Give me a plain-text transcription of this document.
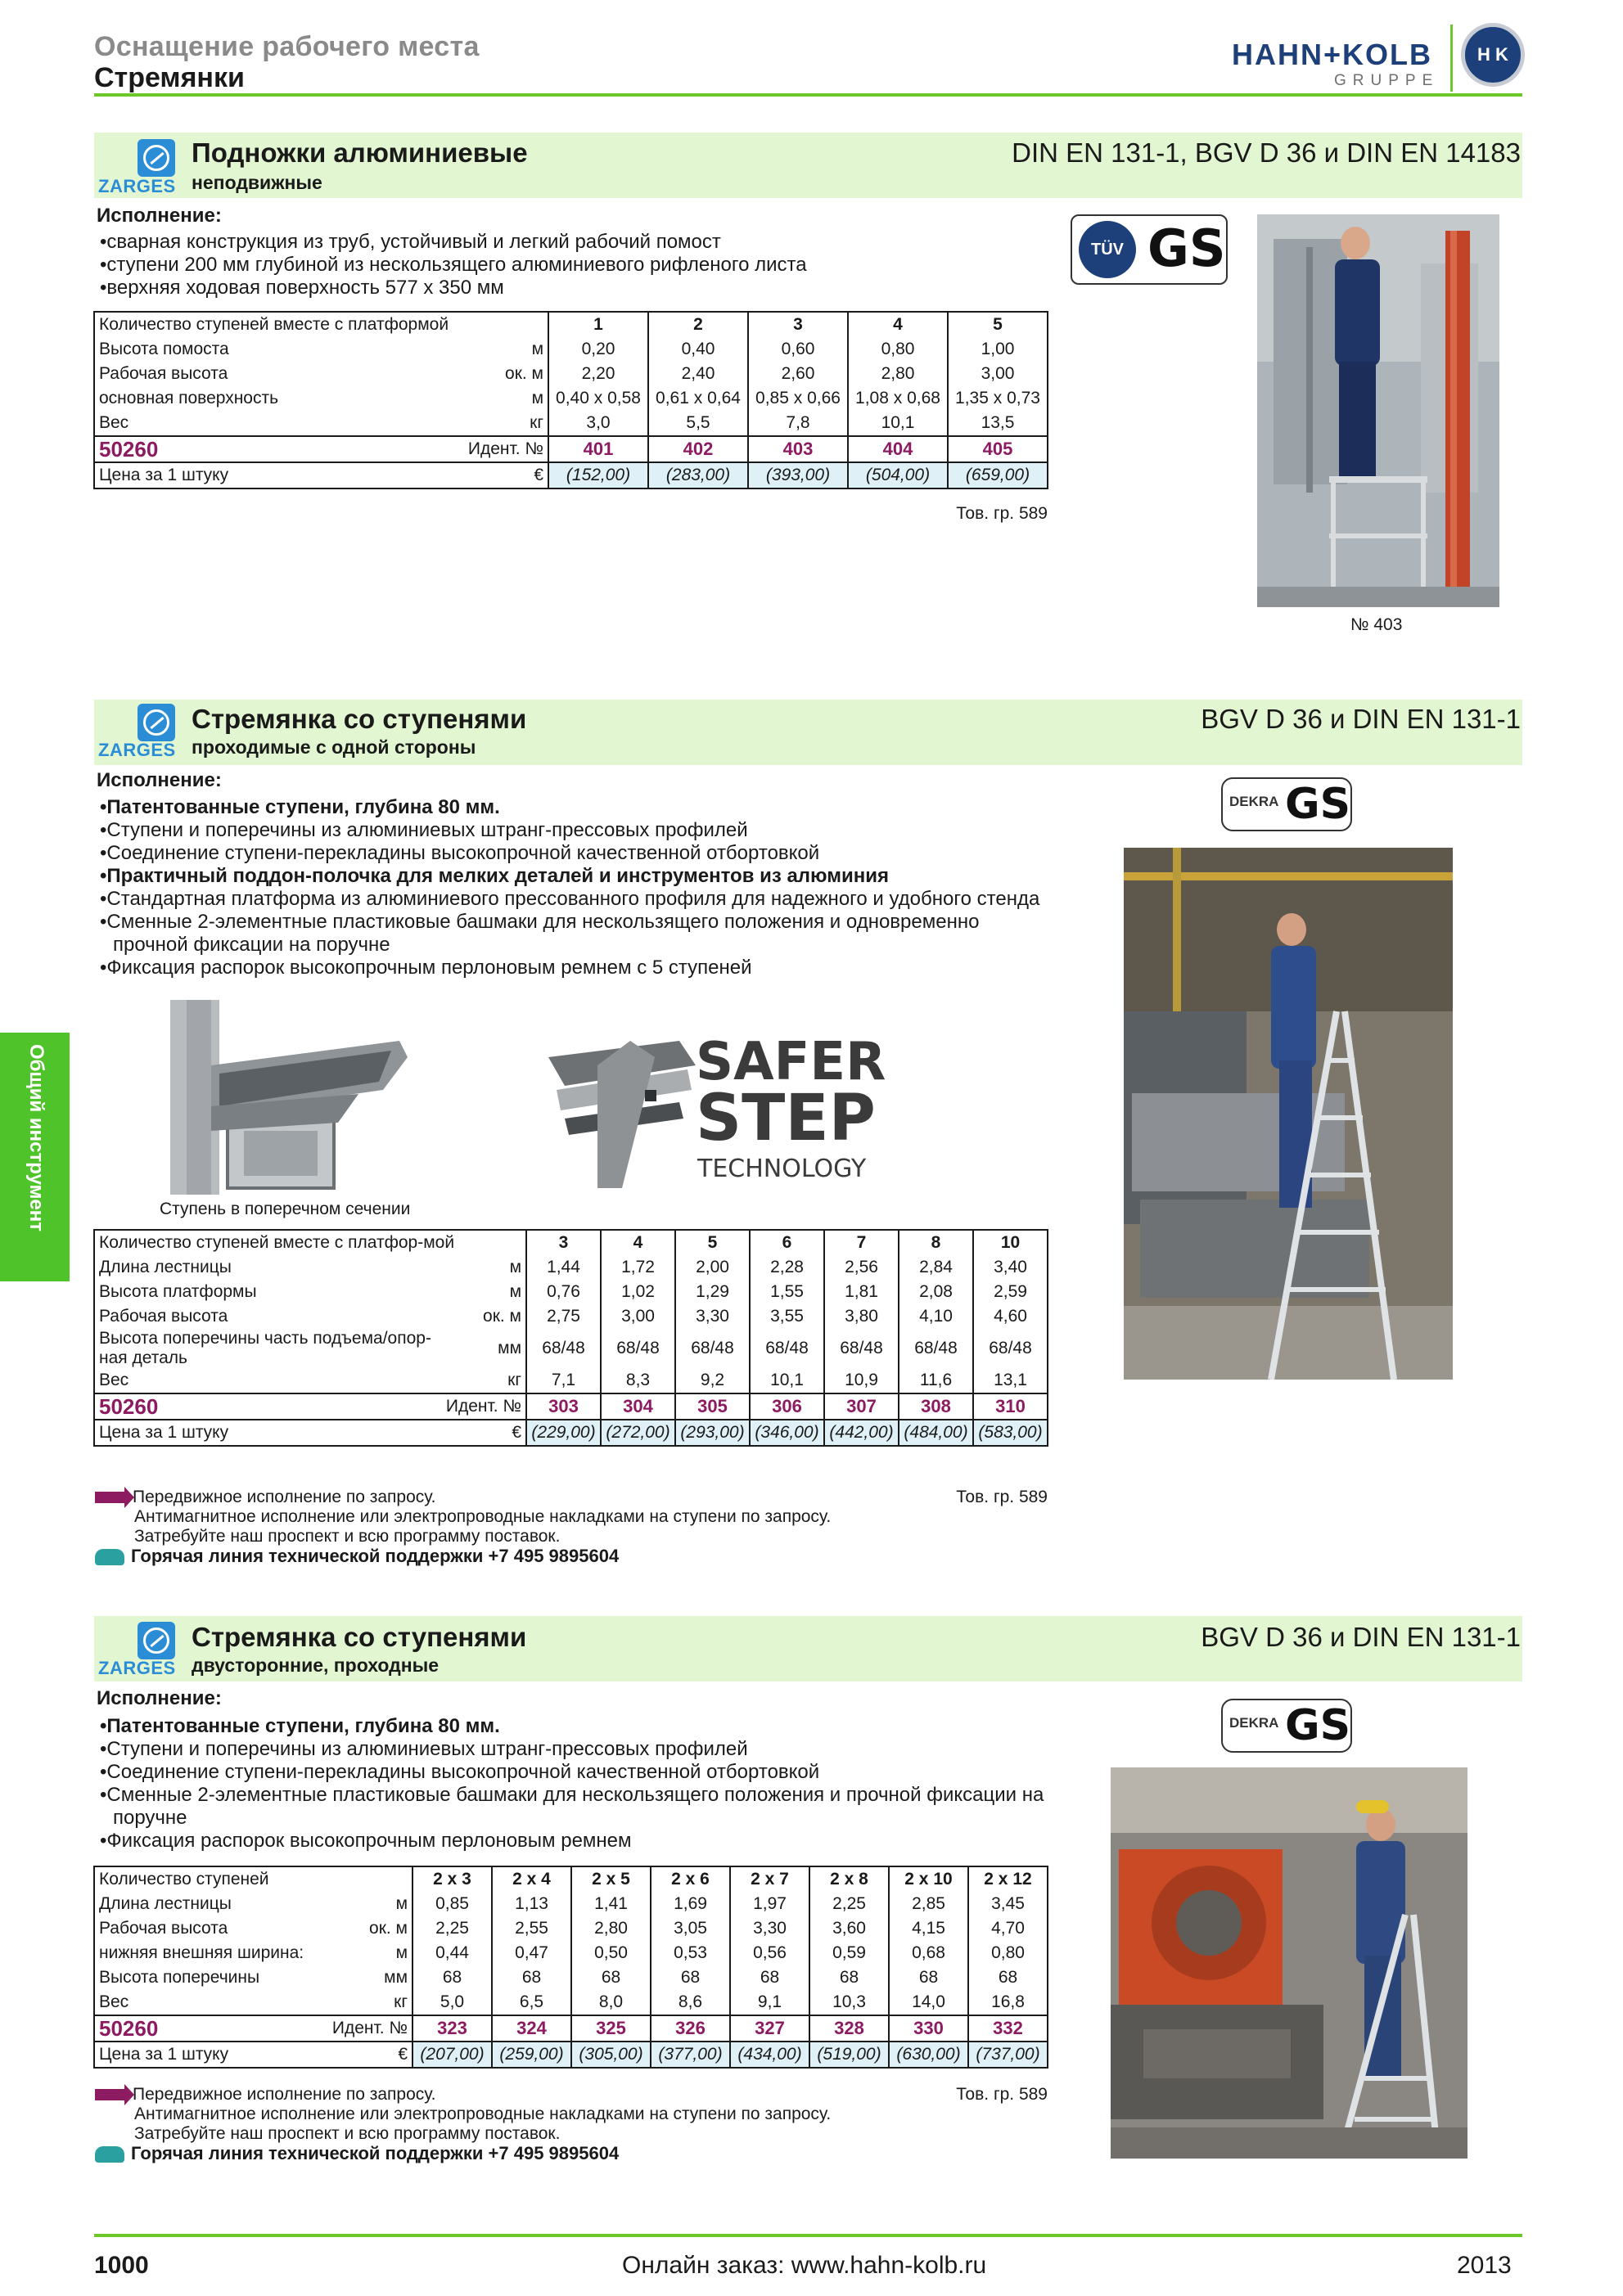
Оснащение рабочего места
Стремянки
HAHN+KOLB
GRUPPE
H K
Общий инструмент
ZARGES
Подножки алюминиевые
неподвижные
DIN EN 131-1, BGV D 36 и DIN EN 14183
Исполнение:
•сварная конструкция из труб, устойчивый и легкий рабочий помост
•ступени 200 мм глубиной из нескользящего алюминиевого рифленого листа
•верхняя ходовая поверхность 577 x 350 мм
Количество ступеней вместе с платформой		1	2	3	4	5
Высота помоста	м	0,20	0,40	0,60	0,80	1,00
Рабочая высота	ок. м	2,20	2,40	2,60	2,80	3,00
основная поверхность	м	0,40 x 0,58	0,61 x 0,64	0,85 x 0,66	1,08 x 0,68	1,35 x 0,73
Вес	кг	3,0	5,5	7,8	10,1	13,5
50260	Идент. №	401	402	403	404	405
Цена за 1 штуку	€	(152,00)	(283,00)	(393,00)	(504,00)	(659,00)
Тов. гр. 589
TÜV GS
№ 403
ZARGES
Стремянка со ступенями
проходимые с одной стороны
BGV D 36 и DIN EN 131-1
Исполнение:
•Патентованные ступени, глубина 80 мм.
•Ступени и поперечины из алюминиевых штранг-прессовых профилей
•Соединение ступени-перекладины высокопрочной качественной отбортовкой
•Практичный поддон-полочка для мелких деталей и инструментов из алюминия
•Стандартная платформа из алюминиевого прессованного профиля для надежного и удобного стенда
•Сменные 2-элементные пластиковые башмаки для нескользящего положения и одновременно прочной фиксации на поручне
•Фиксация распорок высокопрочным перлоновым ремнем с 5 ступеней
Ступень в поперечном сечении
SAFER
STEP
TECHNOLOGY
Количество ступеней вместе с платфор-мой		3	4	5	6	7	8	10
Длина лестницы	м	1,44	1,72	2,00	2,28	2,56	2,84	3,40
Высота платформы	м	0,76	1,02	1,29	1,55	1,81	2,08	2,59
Рабочая высота	ок. м	2,75	3,00	3,30	3,55	3,80	4,10	4,60
Высота поперечины часть подъема/опор-ная деталь	мм	68/48	68/48	68/48	68/48	68/48	68/48	68/48
Вес	кг	7,1	8,3	9,2	10,1	10,9	11,6	13,1
50260	Идент. №	303	304	305	306	307	308	310
Цена за 1 штуку	€	(229,00)	(272,00)	(293,00)	(346,00)	(442,00)	(484,00)	(583,00)
Передвижное исполнение по запросу.
Антимагнитное исполнение или электропроводные накладками на ступени по запросу.
Затребуйте наш проспект и всю программу поставок.
Горячая линия технической поддержки +7 495 9895604
Тов. гр. 589
DEKRA GS
ZARGES
Стремянка со ступенями
двусторонние, проходные
BGV D 36 и DIN EN 131-1
Исполнение:
•Патентованные ступени, глубина 80 мм.
•Ступени и поперечины из алюминиевых штранг-прессовых профилей
•Соединение ступени-перекладины высокопрочной качественной отбортовкой
•Сменные 2-элементные пластиковые башмаки для нескользящего положения и прочной фиксации на поручне
•Фиксация распорок высокопрочным перлоновым ремнем
Количество ступеней		2 x 3	2 x 4	2 x 5	2 x 6	2 x 7	2 x 8	2 x 10	2 x 12
Длина лестницы	м	0,85	1,13	1,41	1,69	1,97	2,25	2,85	3,45
Рабочая высота	ок. м	2,25	2,55	2,80	3,05	3,30	3,60	4,15	4,70
нижняя внешняя ширина:	м	0,44	0,47	0,50	0,53	0,56	0,59	0,68	0,80
Высота поперечины	мм	68	68	68	68	68	68	68	68
Вес	кг	5,0	6,5	8,0	8,6	9,1	10,3	14,0	16,8
50260	Идент. №	323	324	325	326	327	328	330	332
Цена за 1 штуку	€	(207,00)	(259,00)	(305,00)	(377,00)	(434,00)	(519,00)	(630,00)	(737,00)
Передвижное исполнение по запросу.
Антимагнитное исполнение или электропроводные накладками на ступени по запросу.
Затребуйте наш проспект и всю программу поставок.
Горячая линия технической поддержки +7 495 9895604
Тов. гр. 589
DEKRA GS
1000	Онлайн заказ: www.hahn-kolb.ru	2013
